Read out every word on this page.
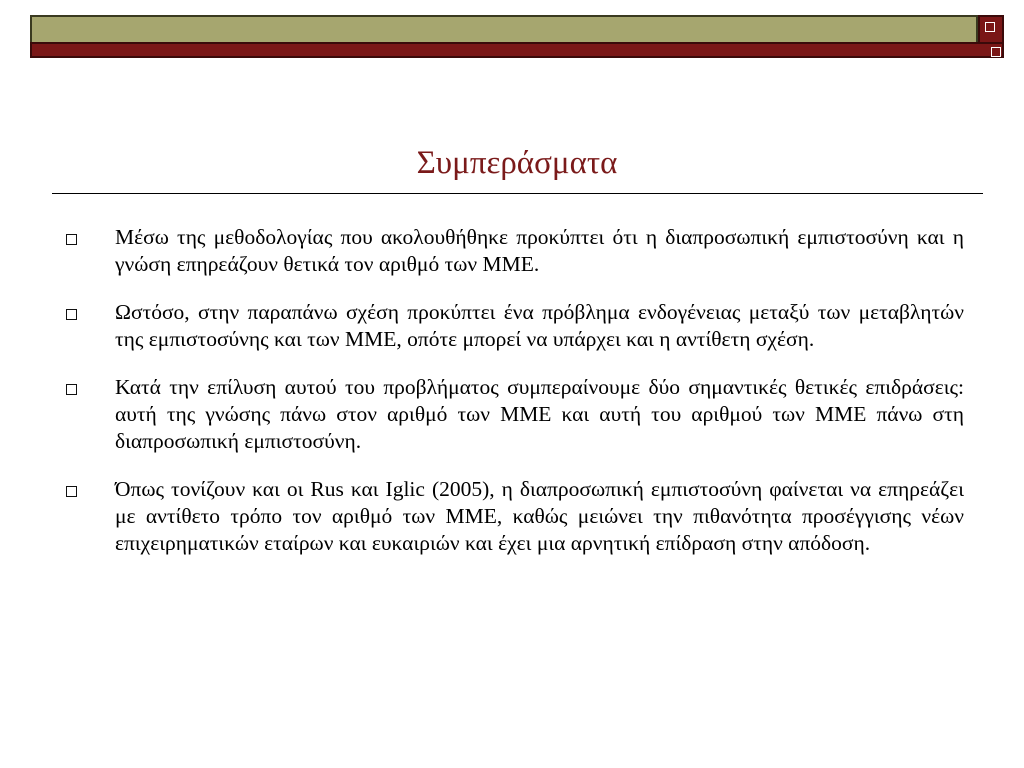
Συμπεράσματα
Μέσω της μεθοδολογίας που ακολουθήθηκε προκύπτει ότι η διαπροσωπική εμπιστοσύνη και η γνώση επηρεάζουν θετικά τον αριθμό των ΜΜΕ.
Ωστόσο, στην παραπάνω σχέση προκύπτει ένα πρόβλημα ενδογένειας μεταξύ των μεταβλητών της εμπιστοσύνης και των ΜΜΕ, οπότε μπορεί να υπάρχει και η αντίθετη σχέση.
Κατά την επίλυση αυτού του προβλήματος συμπεραίνουμε δύο σημαντικές θετικές επιδράσεις: αυτή της γνώσης πάνω στον αριθμό των ΜΜΕ και αυτή του αριθμού των ΜΜΕ πάνω στη διαπροσωπική εμπιστοσύνη.
Όπως τονίζουν και οι Rus και Iglic (2005), η διαπροσωπική εμπιστοσύνη φαίνεται να επηρεάζει με αντίθετο τρόπο τον αριθμό των ΜΜΕ, καθώς μειώνει την πιθανότητα προσέγγισης νέων επιχειρηματικών εταίρων και ευκαιριών και έχει μια αρνητική επίδραση στην απόδοση.
